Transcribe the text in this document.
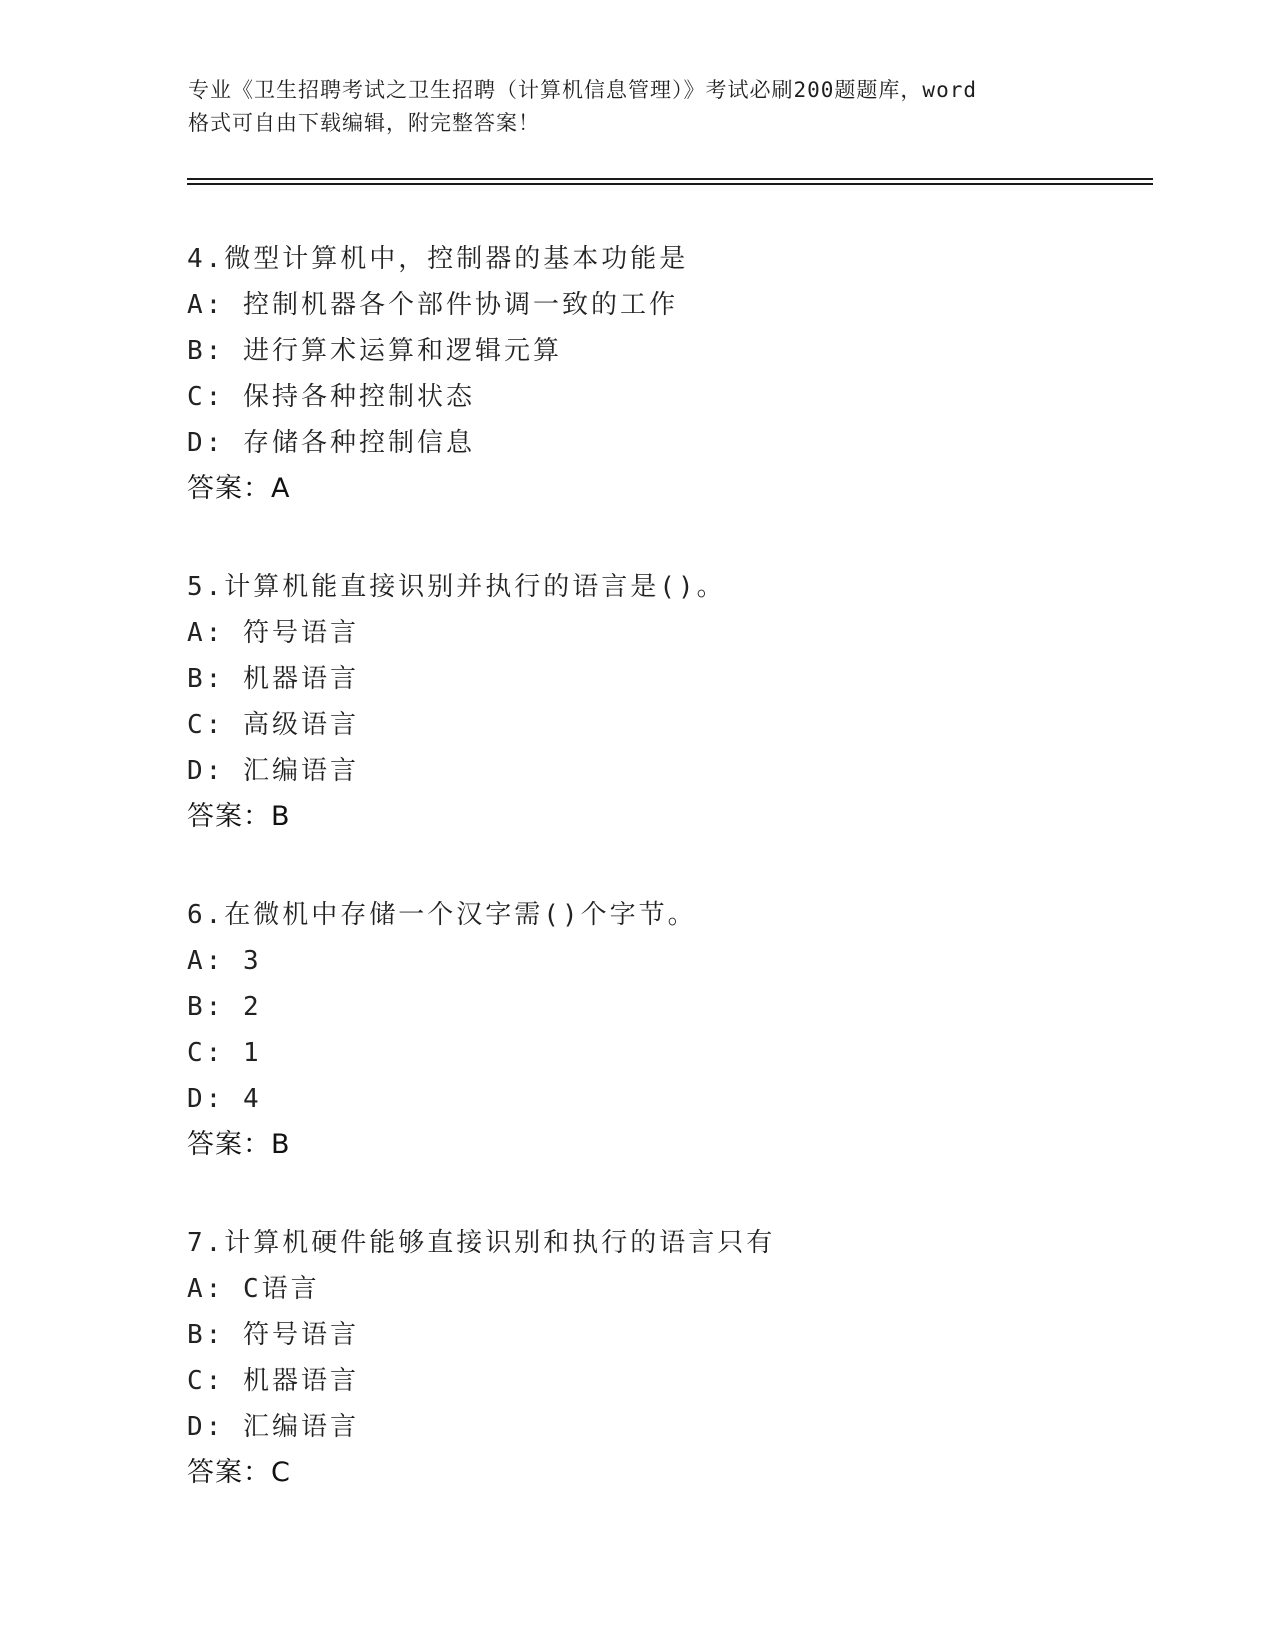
专业《卫生招聘考试之卫生招聘（计算机信息管理）》考试必刷200题题库，word
格式可自由下载编辑，附完整答案！
4.微型计算机中，控制器的基本功能是
A: 控制机器各个部件协调一致的工作
B: 进行算术运算和逻辑元算
C: 保持各种控制状态
D: 存储各种控制信息
答案：A
5.计算机能直接识别并执行的语言是()。
A: 符号语言
B: 机器语言
C: 高级语言
D: 汇编语言
答案：B
6.在微机中存储一个汉字需()个字节。
A: 3
B: 2
C: 1
D: 4
答案：B
7.计算机硬件能够直接识别和执行的语言只有
A: C语言
B: 符号语言
C: 机器语言
D: 汇编语言
答案：C
